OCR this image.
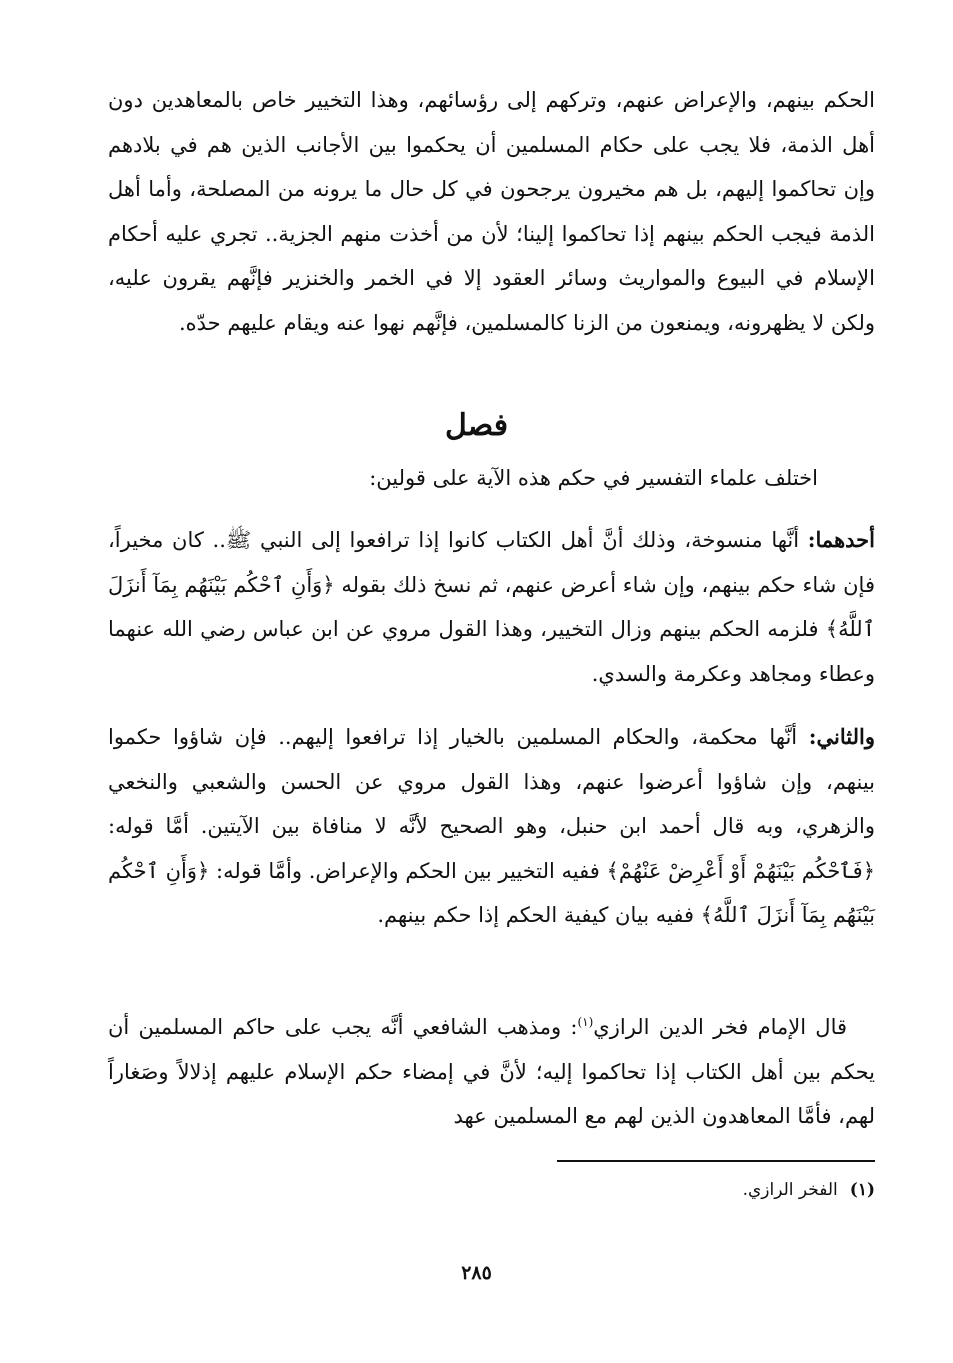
الحكم بينهم، والإعراض عنهم، وتركهم إلى رؤسائهم، وهذا التخيير خاص بالمعاهدين دون أهل الذمة، فلا يجب على حكام المسلمين أن يحكموا بين الأجانب الذين هم في بلادهم وإن تحاكموا إليهم، بل هم مخيرون يرجحون في كل حال ما يرونه من المصلحة، وأما أهل الذمة فيجب الحكم بينهم إذا تحاكموا إلينا؛ لأن من أخذت منهم الجزية.. تجري عليه أحكام الإسلام في البيوع والمواريث وسائر العقود إلا في الخمر والخنزير فإنَّهم يقرون عليه، ولكن لا يظهرونه، ويمنعون من الزنا كالمسلمين، فإنَّهم نهوا عنه ويقام عليهم حدّه.

فصل

اختلف علماء التفسير في حكم هذه الآية على قولين:

أحدهما: أنَّها منسوخة، وذلك أنَّ أهل الكتاب كانوا إذا ترافعوا إلى النبي ﷺ.. كان مخيراً، فإن شاء حكم بينهم، وإن شاء أعرض عنهم، ثم نسخ ذلك بقوله ﴿وَأَنِ ٱحْكُم بَيْنَهُم بِمَآ أَنزَلَ ٱللَّهُ﴾ فلزمه الحكم بينهم وزال التخيير، وهذا القول مروي عن ابن عباس رضي الله عنهما وعطاء ومجاهد وعكرمة والسدي.

والثاني: أنَّها محكمة، والحكام المسلمين بالخيار إذا ترافعوا إليهم.. فإن شاؤوا حكموا بينهم، وإن شاؤوا أعرضوا عنهم، وهذا القول مروي عن الحسن والشعبي والنخعي والزهري، وبه قال أحمد ابن حنبل، وهو الصحيح لأنَّه لا منافاة بين الآيتين. أمَّا قوله: ﴿فَٱحْكُم بَيْنَهُمْ أَوْ أَعْرِضْ عَنْهُمْ﴾ ففيه التخيير بين الحكم والإعراض. وأمَّا قوله: ﴿وَأَنِ ٱحْكُم بَيْنَهُم بِمَآ أَنزَلَ ٱللَّهُ﴾ ففيه بيان كيفية الحكم إذا حكم بينهم.

قال الإمام فخر الدين الرازي$^{(١)}$: ومذهب الشافعي أنَّه يجب على حاكم المسلمين أن يحكم بين أهل الكتاب إذا تحاكموا إليه؛ لأنَّ في إمضاء حكم الإسلام عليهم إذلالاً وصَغاراً لهم، فأمَّا المعاهدون الذين لهم مع المسلمين عهد

(١)الفخر الرازي.
٢٨٥
